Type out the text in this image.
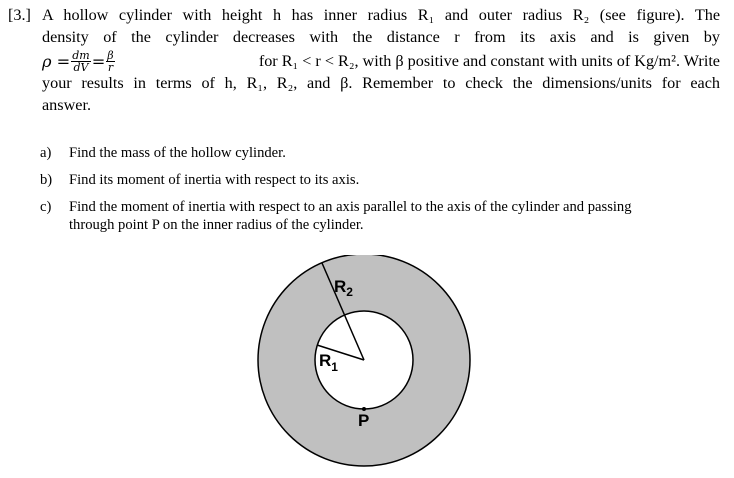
[3.] A hollow cylinder with height h has inner radius R₁ and outer radius R₂ (see figure). The
density of the cylinder decreases with the distance r from its axis and is given by
$\rho = \frac{dm}{dV} = \frac{\beta}{r}$	for R₁ < r < R₂, with β positive and constant with units of Kg/m². Write
your results in terms of h, R₁, R₂, and β. Remember to check the dimensions/units for each
answer.
a) Find the mass of the hollow cylinder.
b) Find its moment of inertia with respect to its axis.
c) Find the moment of inertia with respect to an axis parallel to the axis of the cylinder and passing
through point P on the inner radius of the cylinder.
$R_2$
$R_1$
P
